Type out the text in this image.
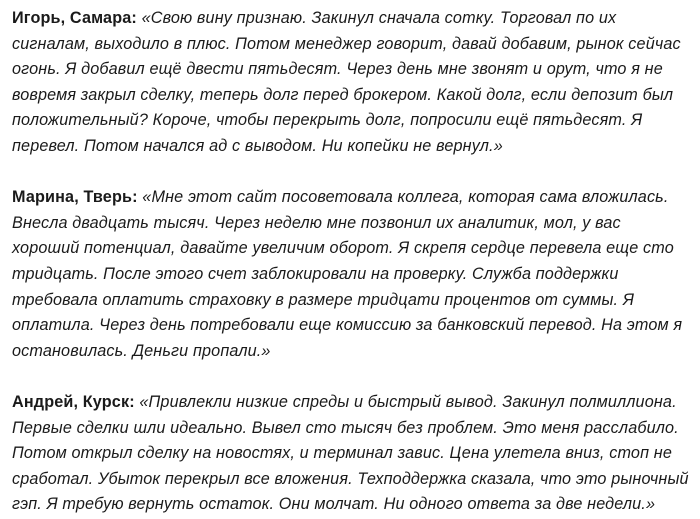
Игорь, Самара: «Свою вину признаю. Закинул сначала сотку. Торговал по их сигналам, выходило в плюс. Потом менеджер говорит, давай добавим, рынок сейчас огонь. Я добавил ещё двести пятьдесят. Через день мне звонят и орут, что я не вовремя закрыл сделку, теперь долг перед брокером. Какой долг, если депозит был положительный? Короче, чтобы перекрыть долг, попросили ещё пятьдесят. Я перевел. Потом начался ад с выводом. Ни копейки не вернул.»

Марина, Тверь: «Мне этот сайт посоветовала коллега, которая сама вложилась. Внесла двадцать тысяч. Через неделю мне позвонил их аналитик, мол, у вас хороший потенциал, давайте увеличим оборот. Я скрепя сердце перевела еще сто тридцать. После этого счет заблокировали на проверку. Служба поддержки требовала оплатить страховку в размере тридцати процентов от суммы. Я оплатила. Через день потребовали еще комиссию за банковский перевод. На этом я остановилась. Деньги пропали.»

Андрей, Курск: «Привлекли низкие спреды и быстрый вывод. Закинул полмиллиона. Первые сделки шли идеально. Вывел сто тысяч без проблем. Это меня расслабило. Потом открыл сделку на новостях, и терминал завис. Цена улетела вниз, стоп не сработал. Убыток перекрыл все вложения. Техподдержка сказала, что это рыночный гэп. Я требую вернуть остаток. Они молчат. Ни одного ответа за две недели.»
